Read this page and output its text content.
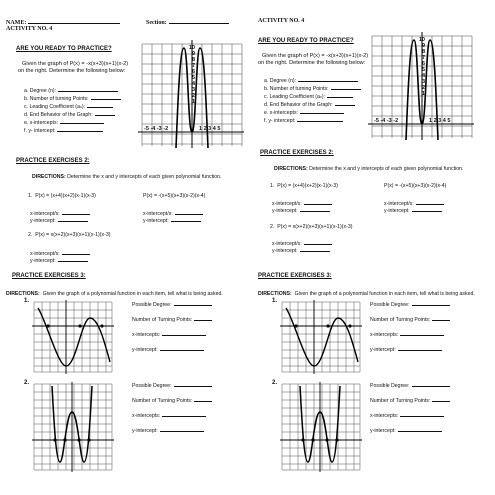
NAME:	Section:
ACTIVITY NO. 4
ARE YOU READY TO PRACTICE?
Given the graph of P(x) = -x(x+3)(x+1)(x-2)
on the right. Determine the following below:
a. Degree (n):
b. Number of turning Points:
c. Leading Coefficient (aₙ):
d. End Behavior of the Graph:
e. x-intercepts:
f. y- intercept:
10
9
8
7
6
5
4
3
2
1
-5 -4 -3 -2	1 2 3 4 5
PRACTICE EXERCISES 2:
DIRECTIONS: Determine the x and y intercepts of each given polynomial function.
1. P(x) = (x+4)(x+2)(x-1)(x-3)	P(x) = -(x+5)(x+3)(x-2)(x-4)
x-intercept/s:
y-intercept:
x-intercept/s:
y-intercept:
2. P(x) = x(x+2)(x+3)(x+1)(x-1)(x-3)
x-intercept/s:
y-intercept:
PRACTICE EXERCISES 3:
DIRECTIONS: Given the graph of a polynomial function in each item, tell what is being asked.
1.
Possible Degree:
Number of Turning Points:
x-intercepts:
y-intercept:
2.	Possible Degree:
Number of Turning Points:
x-intercepts:
y-intercept:
ACTIVITY NO. 4
ARE YOU READY TO PRACTICE?
Given the graph of P(x) = -x(x+3)(x+1)(x-2)
on the right. Determine the following below:
a. Degree (n):
b. Number of turning Points:
c. Leading Coefficient (aₙ):
d. End Behavior of the Graph:
e. x-intercepts:
f. y- intercept:
10
9
8
7
6
5
4
3
2
1
-5 -4 -3 -2	1 2 3 4 5
PRACTICE EXERCISES 2:
DIRECTIONS: Determine the x and y intercepts of each given polynomial function.
1. P(x) = (x+4)(x+2)(x-1)(x-3)	P(x) = -(x+5)(x+3)(x-2)(x-4)
x-intercept/s:
y-intercept:
x-intercept/s:
y-intercept:
2. P(x) = x(x+2)(x+3)(x+1)(x-1)(x-3)
x-intercept/s:
y-intercept:
PRACTICE EXERCISES 3:
DIRECTIONS: Given the graph of a polynomial function in each item, tell what is being asked.
1.
Possible Degree:
Number of Turning Points:
x-intercepts:
y-intercept:
2.	Possible Degree:
Number of Turning Points:
x-intercepts:
y-intercept:
